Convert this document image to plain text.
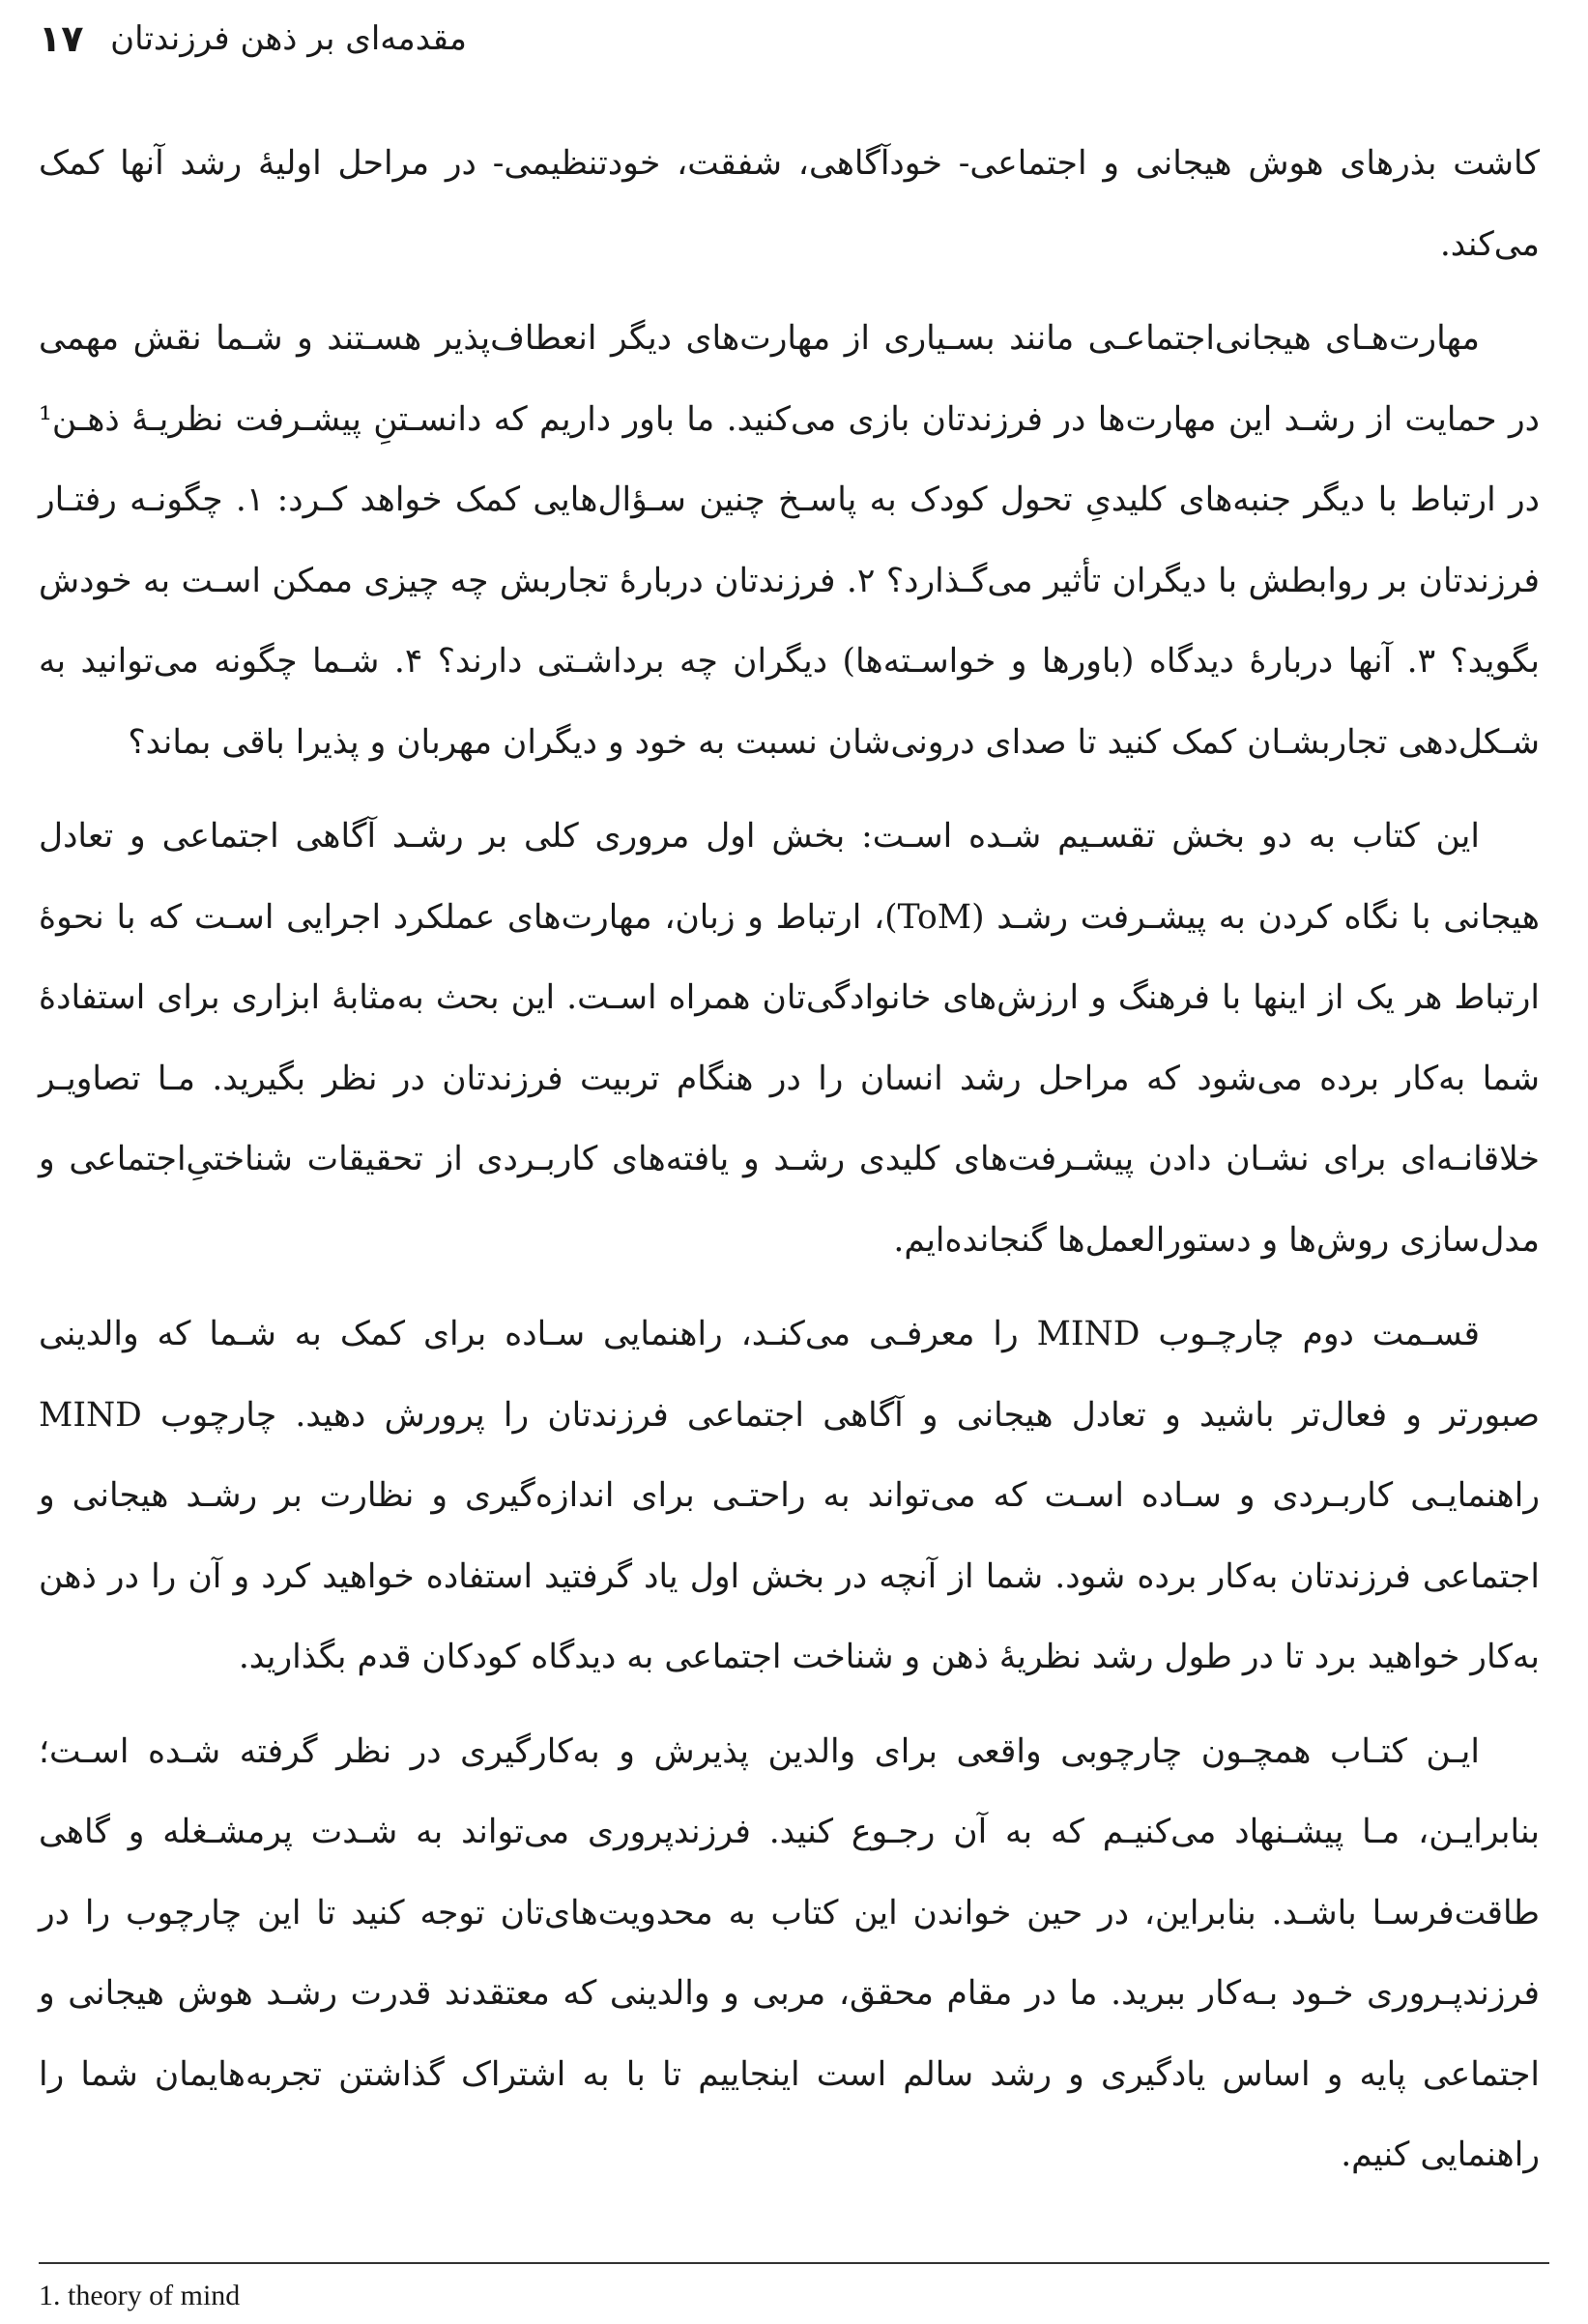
۱۷ مقدمه‌ای بر ذهن فرزندتان

کاشت بذرهای هوش هیجانی و اجتماعی- خودآگاهی، شفقت، خودتنظیمی- در مراحل اولیۀ رشد آنها کمک می‌کند.

مهارت‌هـای هیجانی‌اجتماعـی مانند بسـیاری از مهارت‌های دیگر انعطاف‌پذیر هسـتند و شـما نقش مهمی در حمایت از رشـد این مهارت‌ها در فرزندتان بازی می‌کنید. ما باور داریم که دانسـتنِ پیشـرفت نظریـۀ ذهـن¹ در ارتباط با دیگر جنبه‌های کلیدیِ تحول کودک به پاسـخ چنین سـؤال‌هایی کمک خواهد کـرد: ۱. چگونـه رفتـار فرزندتان بر روابطش با دیگران تأثیر می‌گـذارد؟ ۲. فرزندتان دربارۀ تجاربش چه چیزی ممکن اسـت به خودش بگوید؟ ۳. آنها دربارۀ دیدگاه (باورها و خواسـته‌ها) دیگران چه برداشـتی دارند؟ ۴. شـما چگونه می‌توانید به شـکل‌دهی تجاربشـان کمک کنید تا صدای درونی‌شان نسبت به خود و دیگران مهربان و پذیرا باقی بماند؟

این کتاب به دو بخش تقسـیم شـده اسـت: بخش اول مروری کلی بر رشـد آگاهی اجتماعی و تعادل هیجانی با نگاه کردن به پیشـرفت رشـد (ToM)، ارتباط و زبان، مهارت‌های عملکرد اجرایی اسـت که با نحوۀ ارتباط هر یک از اینها با فرهنگ و ارزش‌های خانوادگی‌تان همراه اسـت. این بحث به‌مثابۀ ابزاری برای استفادۀ شما به‌کار برده می‌شود که مراحل رشد انسان را در هنگام تربیت فرزندتان در نظر بگیرید. مـا تصاویـر خلاقانـه‌ای برای نشـان دادن پیشـرفت‌های کلیدی رشـد و یافته‌های کاربـردی از تحقیقات شناختیِ‌اجتماعی و مدل‌سازی روش‌ها و دستورالعمل‌ها گنجانده‌ایم.

قسـمت دوم چارچـوب MIND را معرفـی می‌کنـد، راهنمایی سـاده برای کمک به شـما که والدینی صبورتر و فعال‌تر باشید و تعادل هیجانی و آگاهی اجتماعی فرزندتان را پرورش دهید. چارچوب MIND راهنمایـی کاربـردی و سـاده اسـت که می‌تواند به راحتـی برای اندازه‌گیری و نظارت بر رشـد هیجانی و اجتماعی فرزندتان به‌کار برده شود. شما از آنچه در بخش اول یاد گرفتید استفاده خواهید کرد و آن را در ذهن به‌کار خواهید برد تا در طول رشد نظریۀ ذهن و شناخت اجتماعی به دیدگاه کودکان قدم بگذارید.

ایـن کتـاب همچـون چارچوبی واقعی برای والدین پذیرش و به‌کارگیری در نظر گرفته شـده اسـت؛ بنابرایـن، مـا پیشـنهاد می‌کنیـم که به آن رجـوع کنید. فرزندپروری می‌تواند به شـدت پرمشـغله و گاهی طاقت‌فرسـا باشـد. بنابراین، در حین خواندن این کتاب به محدویت‌های‌تان توجه کنید تا این چارچوب را در فرزندپـروری خـود بـه‌کار ببرید. ما در مقام محقق، مربی و والدینی که معتقدند قدرت رشـد هوش هیجانی و اجتماعی پایه و اساس یادگیری و رشد سالم است اینجاییم تا با به اشتراک گذاشتن تجربه‌هایمان شما را راهنمایی کنیم.

1. theory of mind
